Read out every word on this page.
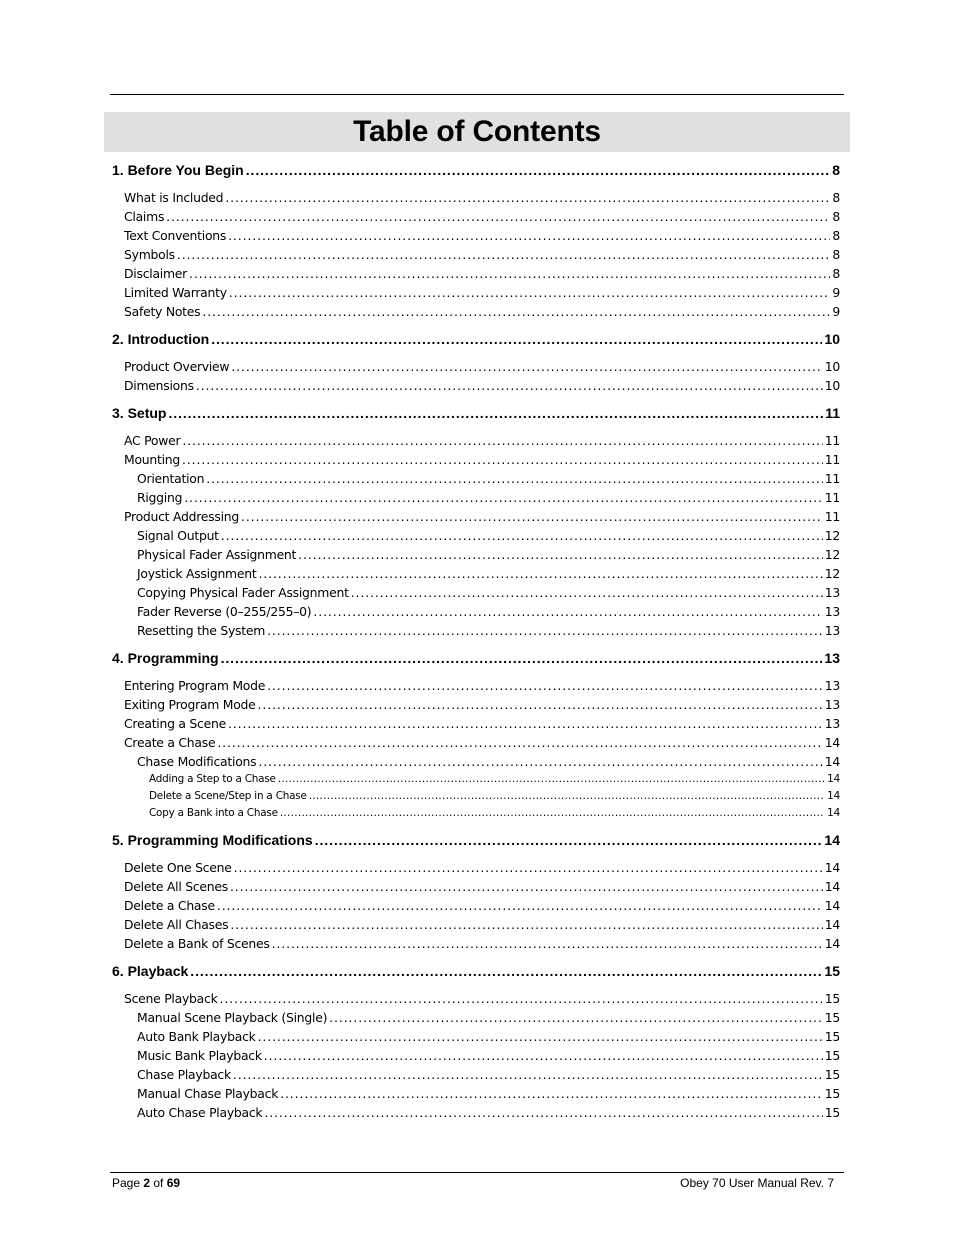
Table of Contents
1. Before You Begin .....	8
What is Included .....	8
Claims .....	8
Text Conventions .....	8
Symbols .....	8
Disclaimer .....	8
Limited Warranty .....	9
Safety Notes .....	9
2. Introduction .....	10
Product Overview .....	10
Dimensions .....	10
3. Setup .....	11
AC Power .....	11
Mounting .....	11
Orientation .....	11
Rigging .....	11
Product Addressing .....	11
Signal Output .....	12
Physical Fader Assignment .....	12
Joystick Assignment .....	12
Copying Physical Fader Assignment .....	13
Fader Reverse (0–255/255–0) .....	13
Resetting the System .....	13
4. Programming .....	13
Entering Program Mode .....	13
Exiting Program Mode .....	13
Creating a Scene .....	13
Create a Chase .....	14
Chase Modifications .....	14
Adding a Step to a Chase .....	14
Delete a Scene/Step in a Chase .....	14
Copy a Bank into a Chase .....	14
5. Programming Modifications .....	14
Delete One Scene .....	14
Delete All Scenes .....	14
Delete a Chase .....	14
Delete All Chases .....	14
Delete a Bank of Scenes .....	14
6. Playback .....	15
Scene Playback .....	15
Manual Scene Playback (Single) .....	15
Auto Bank Playback .....	15
Music Bank Playback .....	15
Chase Playback .....	15
Manual Chase Playback .....	15
Auto Chase Playback .....	15
Page 2 of 69	Obey 70 User Manual Rev. 7
